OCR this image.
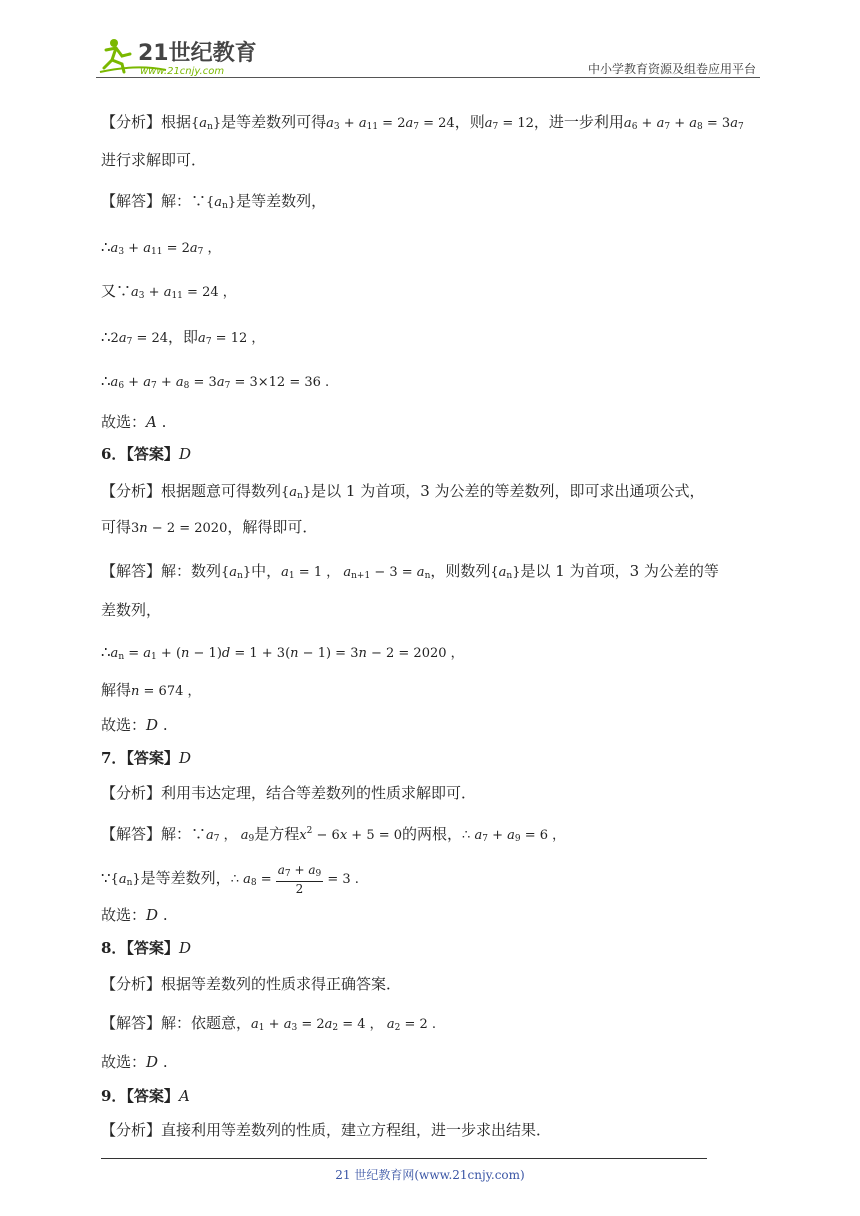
21世纪教育
www.21cnjy.com	中小学教育资源及组卷应用平台
【分析】根据$\{a_n\}$是等差数列可得$a_3 + a_{11} = 2a_7 = 24$，则$a_7 = 12$，进一步利用$a_6 + a_7 + a_8 = 3a_7$
进行求解即可．
【解答】解：$\because\{a_n\}$是等差数列，
$\therefore a_3 + a_{11} = 2a_7$ ，
又$\because a_3 + a_{11} = 24$ ，
$\therefore 2a_7 = 24$，即$a_7 = 12$ ，
$\therefore a_6 + a_7 + a_8 = 3a_7 = 3\times 12 = 36$ .
故选：A .
6．【答案】D
【分析】根据题意可得数列$\{a_n\}$是以 1 为首项，3 为公差的等差数列，即可求出通项公式，
可得3n − 2 = 2020，解得即可．
【解答】解：数列$\{a_n\}$中，$a_1 = 1$ ， $a_{n+1} - 3 = a_n$，则数列$\{a_n\}$是以 1 为首项，3 为公差的等
差数列，
$\therefore a_n = a_1 + (n - 1)d = 1 + 3(n - 1) = 3n - 2 = 2020$ ，
解得n = 674 ，
故选：D .
7．【答案】D
【分析】利用韦达定理，结合等差数列的性质求解即可．
【解答】解：$\because a_7$ ， $a_9$是方程$x^2 - 6x + 5 = 0$的两根，∴ $a_7 + a_9 = 6$ ，
$\because\{a_n\}$是等差数列，∴ $a_8 = \frac{a_7 + a_9}{2} = 3$ .
故选：D .
8．【答案】D
【分析】根据等差数列的性质求得正确答案．
【解答】解：依题意，$a_1 + a_3 = 2a_2 = 4$ ， $a_2 = 2$ .
故选：D .
9．【答案】A
【分析】直接利用等差数列的性质，建立方程组，进一步求出结果．
21 世纪教育网(www.21cnjy.com)
